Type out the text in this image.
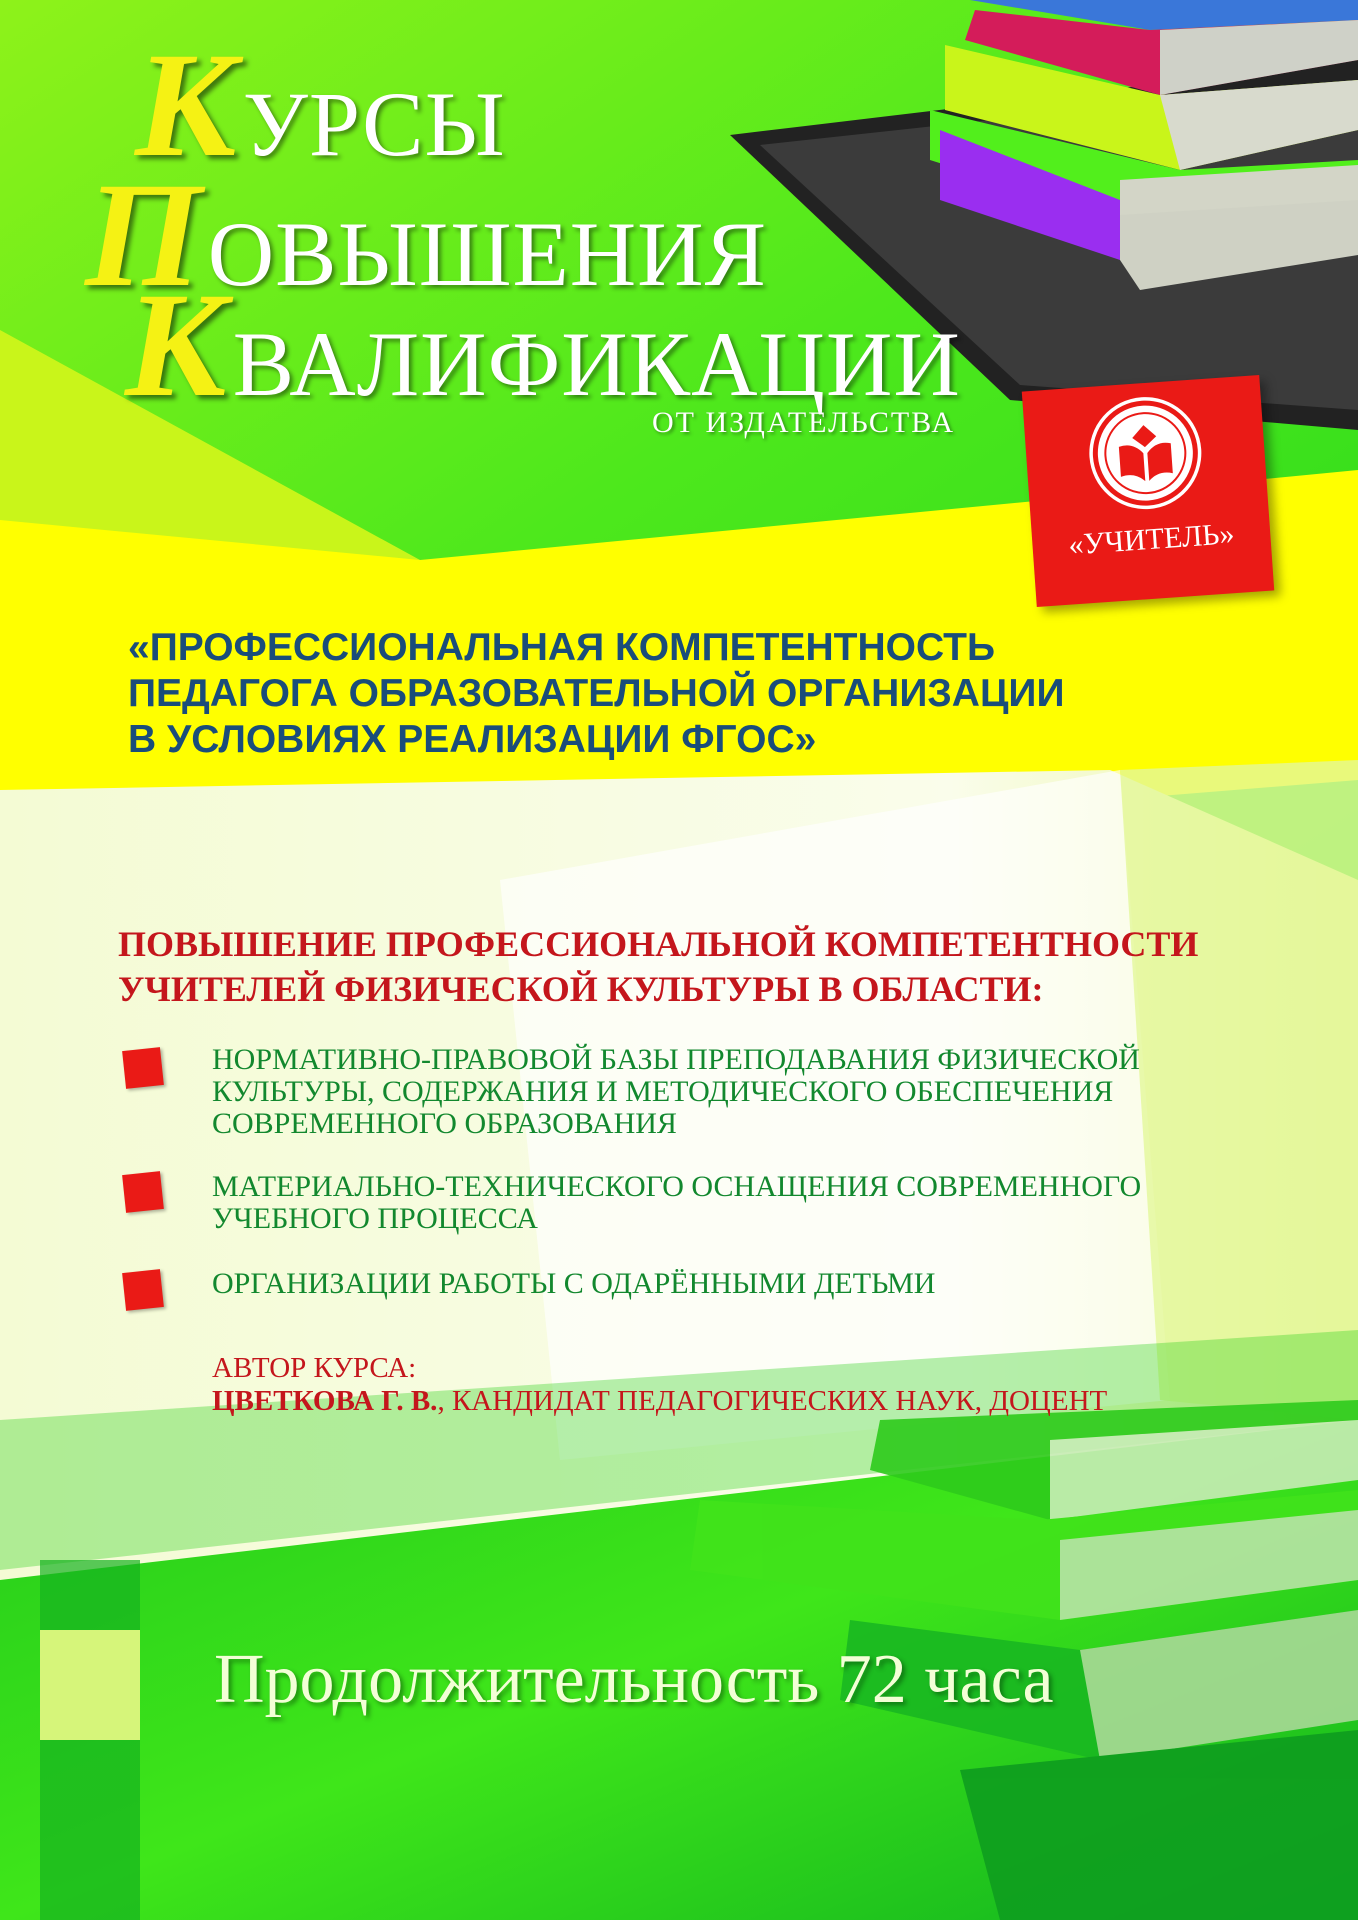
КУРСЫ
ПОВЫШЕНИЯ
КВАЛИФИКАЦИИ
ОТ ИЗДАТЕЛЬСТВА
«УЧИТЕЛЬ»
«ПРОФЕССИОНАЛЬНАЯ КОМПЕТЕНТНОСТЬ
ПЕДАГОГА ОБРАЗОВАТЕЛЬНОЙ ОРГАНИЗАЦИИ
В УСЛОВИЯХ РЕАЛИЗАЦИИ ФГОС»
ПОВЫШЕНИЕ ПРОФЕССИОНАЛЬНОЙ КОМПЕТЕНТНОСТИ
УЧИТЕЛЕЙ ФИЗИЧЕСКОЙ КУЛЬТУРЫ В ОБЛАСТИ:
НОРМАТИВНО-ПРАВОВОЙ БАЗЫ ПРЕПОДАВАНИЯ ФИЗИЧЕСКОЙ
КУЛЬТУРЫ, СОДЕРЖАНИЯ И МЕТОДИЧЕСКОГО ОБЕСПЕЧЕНИЯ
СОВРЕМЕННОГО ОБРАЗОВАНИЯ
МАТЕРИАЛЬНО-ТЕХНИЧЕСКОГО ОСНАЩЕНИЯ СОВРЕМЕННОГО
УЧЕБНОГО ПРОЦЕССА
ОРГАНИЗАЦИИ РАБОТЫ С ОДАРЁННЫМИ ДЕТЬМИ
АВТОР КУРСА:
ЦВЕТКОВА Г. В., КАНДИДАТ ПЕДАГОГИЧЕСКИХ НАУК, ДОЦЕНТ
Продолжительность 72 часа
